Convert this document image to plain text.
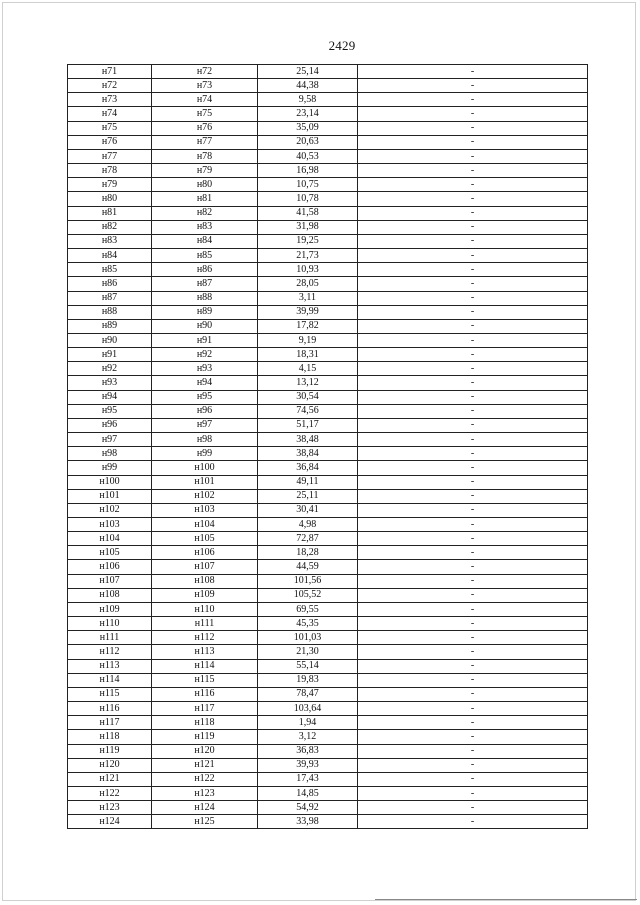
2429
н71	н72	25,14	-
н72	н73	44,38	-
н73	н74	9,58	-
н74	н75	23,14	-
н75	н76	35,09	-
н76	н77	20,63	-
н77	н78	40,53	-
н78	н79	16,98	-
н79	н80	10,75	-
н80	н81	10,78	-
н81	н82	41,58	-
н82	н83	31,98	-
н83	н84	19,25	-
н84	н85	21,73	-
н85	н86	10,93	-
н86	н87	28,05	-
н87	н88	3,11	-
н88	н89	39,99	-
н89	н90	17,82	-
н90	н91	9,19	-
н91	н92	18,31	-
н92	н93	4,15	-
н93	н94	13,12	-
н94	н95	30,54	-
н95	н96	74,56	-
н96	н97	51,17	-
н97	н98	38,48	-
н98	н99	38,84	-
н99	н100	36,84	-
н100	н101	49,11	-
н101	н102	25,11	-
н102	н103	30,41	-
н103	н104	4,98	-
н104	н105	72,87	-
н105	н106	18,28	-
н106	н107	44,59	-
н107	н108	101,56	-
н108	н109	105,52	-
н109	н110	69,55	-
н110	н111	45,35	-
н111	н112	101,03	-
н112	н113	21,30	-
н113	н114	55,14	-
н114	н115	19,83	-
н115	н116	78,47	-
н116	н117	103,64	-
н117	н118	1,94	-
н118	н119	3,12	-
н119	н120	36,83	-
н120	н121	39,93	-
н121	н122	17,43	-
н122	н123	14,85	-
н123	н124	54,92	-
н124	н125	33,98	-
